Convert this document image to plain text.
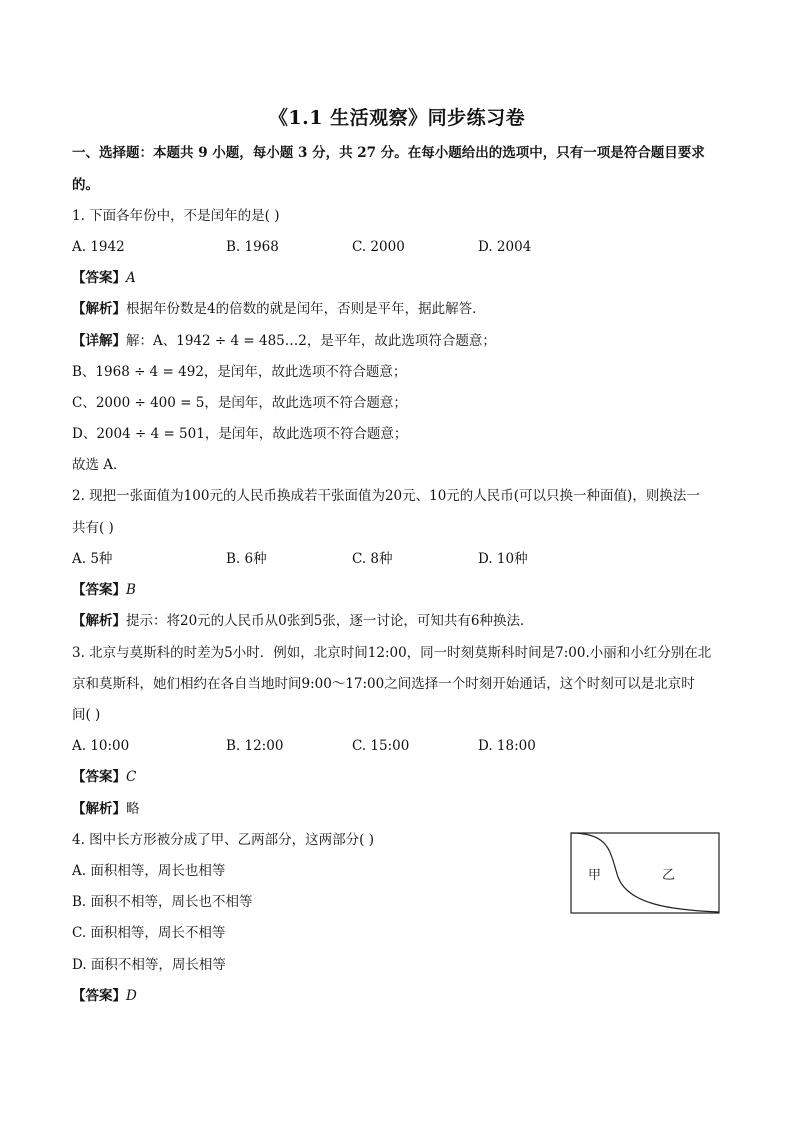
《1.1 生活观察》同步练习卷
一、选择题：本题共 9 小题，每小题 3 分，共 27 分。在每小题给出的选项中，只有一项是符合题目要求
的。
1. 下面各年份中，不是闰年的是( )
A. 1942	B. 1968	C. 2000	D. 2004
【答案】A
【解析】根据年份数是4的倍数的就是闰年，否则是平年，据此解答．
【详解】解：A、1942 ÷ 4 = 485…2，是平年，故此选项符合题意；
B、1968 ÷ 4 = 492，是闰年，故此选项不符合题意；
C、2000 ÷ 400 = 5，是闰年，故此选项不符合题意；
D、2004 ÷ 4 = 501，是闰年，故此选项不符合题意；
故选 A．
2. 现把一张面值为100元的人民币换成若干张面值为20元、10元的人民币(可以只换一种面值)，则换法一
共有( )
A. 5种	B. 6种	C. 8种	D. 10种
【答案】B
【解析】提示：将20元的人民币从0张到5张，逐一讨论，可知共有6种换法．
3. 北京与莫斯科的时差为5小时．例如，北京时间12:00，同一时刻莫斯科时间是7:00.小丽和小红分别在北
京和莫斯科，她们相约在各自当地时间9:00～17:00之间选择一个时刻开始通话，这个时刻可以是北京时
间( )
A. 10:00	B. 12:00	C. 15:00	D. 18:00
【答案】C
【解析】略
4. 图中长方形被分成了甲、乙两部分，这两部分( )
A. 面积相等，周长也相等
B. 面积不相等，周长也不相等
C. 面积相等，周长不相等
D. 面积不相等，周长相等
【答案】D
甲	乙
